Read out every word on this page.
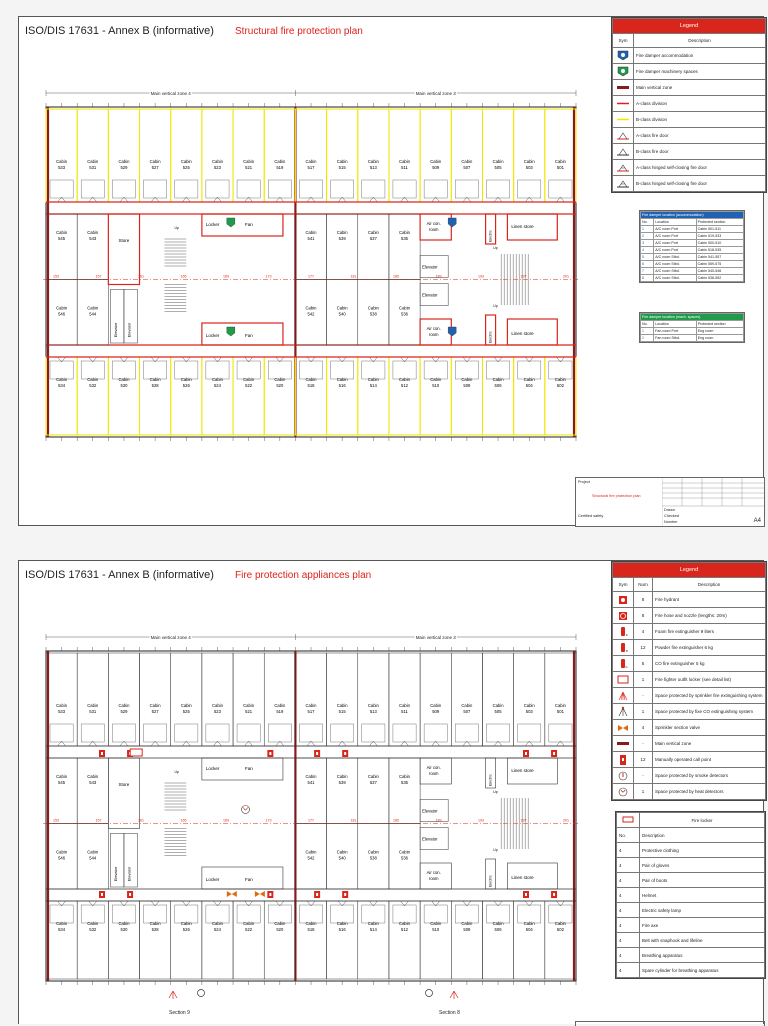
ISO/DIS 17631 - Annex B (informative) Structural fire protection plan
Main vertical zone 4	Main vertical zone 3
Cabin
533
Cabin
534
Cabin
531
Cabin
532
Cabin
529
Cabin
530
Cabin
527
Cabin
528
Cabin
525
Cabin
526
Cabin
523
Cabin
524
Cabin
521
Cabin
522
Cabin
519
Cabin
520
Cabin
517
Cabin
518
Cabin
515
Cabin
516
Cabin
513
Cabin
514
Cabin
511
Cabin
512
Cabin
509
Cabin
510
Cabin
507
Cabin
508
Cabin
505
Cabin
506
Cabin
503
Cabin
504
Cabin
501
Cabin
502
Cabin
545
Cabin
546
Cabin
543
Cabin
544
Cabin
541
Cabin
542
Cabin
539
Cabin
540
Cabin
537
Cabin
538
Cabin
535
Cabin
536
Store
Elevator Elevator
Up
Locker
Locker
Fan
Fan
Air con.
room
Air con.
room
Electric
Electric
Linen store
Linen store
Elevator
Elevator
Up
Up
153	157	161	165	169	173	177	181	185	189	193	197	201
Legend	
Sym	Description

	Fire damper accommodation

	Fire damper machinery spaces

	Main vertical zone

	A-class division

	B-class division

	A-class fire door

	B-class fire door

	A-class hinged self-closing fire door

	B-class hinged self-closing fire door
Fire damper location (accommodation)		
No.	Location	Protected section
1	A/C room Port	Cabin 501-511
2	A/C room Port	Cabin 519-533
3	A/C room Port	Cabin 500-510
4	A/C room Port	Cabin 518-535
5	A/C room Stbd.	Cabin 541-557
6	A/C room Stbd.	Cabin 559-575
7	A/C room Stbd.	Cabin 540-546
8	A/C room Stbd.	Cabin 536-552
Fire damper location (mach. spaces)		
No.	Location	Protected section
1	Fan room Port	Eng room
2	Fan room Stbd.	Eng room
Project
Structural fire protection plan
Certified safety
Drawn
Checked
Number	A4
ISO/DIS 17631 - Annex B (informative) Fire protection appliances plan
Main vertical zone 4	Main vertical zone 3
Cabin
533
Cabin
534
Cabin
531
Cabin
532
Cabin
529
Cabin
530
Cabin
527
Cabin
528
Cabin
525
Cabin
526
Cabin
523
Cabin
524
Cabin
521
Cabin
522
Cabin
519
Cabin
520
Cabin
517
Cabin
518
Cabin
515
Cabin
516
Cabin
513
Cabin
514
Cabin
511
Cabin
512
Cabin
509
Cabin
510
Cabin
507
Cabin
508
Cabin
505
Cabin
506
Cabin
503
Cabin
504
Cabin
501
Cabin
502
Cabin
545
Cabin
546
Cabin
543
Cabin
544
Cabin
541
Cabin
542
Cabin
539
Cabin
540
Cabin
537
Cabin
538
Cabin
535
Cabin
536
Store
Elevator Elevator
Up
Locker
Locker
Fan
Fan
Air con.
room
Air con.
room
Electric
Electric
Linen store
Linen store
Elevator
Elevator
Up
Up
153	157	161	165	169	173	177	181	185	189	193	197	201
Section 9	Section 8
Legend		
Sym	Num	Description

	8	Fire hydrant

	8	Fire hose and nozzle (lengths: 20m)

F	4	Foam fire extinguisher 9 liters

P	12	Powder fire extinguisher 6 kg

C	5	CO fire extinguisher 5 kg

	1	Fire fighter outfit locker (see detail list)

	-	Space protected by sprinkler fire extinguishing system

	1	Space protected by fixe CO extinguishing system

	4	Sprinkler section valve

	-	Main vertical zone

	12	Manually operated call point

	-	Space protected by smoke detectors

	1	Space protected by heat detectors
	Fire locker
No.	Description
4	Protective clothing
4	Pair of gloves
4	Pair of boots
4	Helmet
4	Electric safety lamp
4	Fire axe
4	Belt with snaphook and lifeline
4	Breathing apparatus
4	Spare cylinder for breathing apparatus
